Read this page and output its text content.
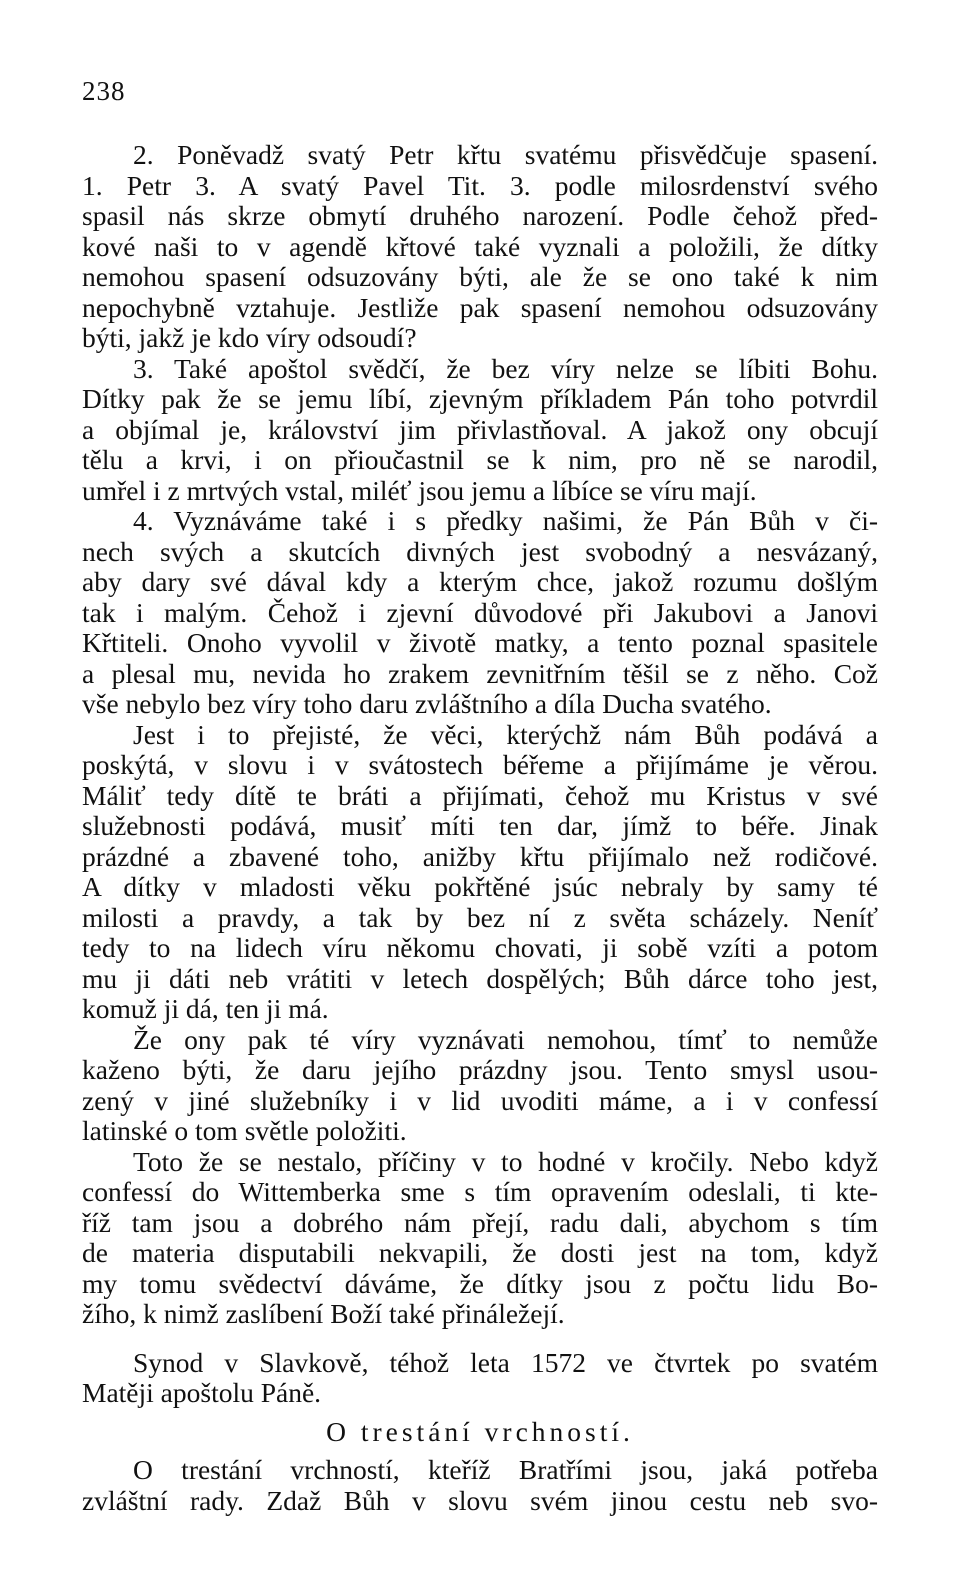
238
2. Poněvadž svatý Petr křtu svatému přisvědčuje spasení.
1. Petr 3. A svatý Pavel Tit. 3. podle milosrdenství svého
spasil nás skrze obmytí druhého narození. Podle čehož před-
kové naši to v agendě křtové také vyznali a položili, že dítky
nemohou spasení odsuzovány býti, ale že se ono také k nim
nepochybně vztahuje. Jestliže pak spasení nemohou odsuzovány
býti, jakž je kdo víry odsoudí?
3. Také apoštol svědčí, že bez víry nelze se líbiti Bohu.
Dítky pak že se jemu líbí, zjevným příkladem Pán toho potvrdil
a objímal je, království jim přivlastňoval. A jakož ony obcují
tělu a krvi, i on přioučastnil se k nim, pro ně se narodil,
umřel i z mrtvých vstal, miléť jsou jemu a líbíce se víru mají.
4. Vyznáváme také i s předky našimi, že Pán Bůh v či-
nech svých a skutcích divných jest svobodný a nesvázaný,
aby dary své dával kdy a kterým chce, jakož rozumu došlým
tak i malým. Čehož i zjevní důvodové při Jakubovi a Janovi
Křtiteli. Onoho vyvolil v životě matky, a tento poznal spasitele
a plesal mu, nevida ho zrakem zevnitřním těšil se z něho. Což
vše nebylo bez víry toho daru zvláštního a díla Ducha svatého.
Jest i to přejisté, že věci, kterýchž nám Bůh podává a
poskýtá, v slovu i v svátostech béřeme a přijímáme je věrou.
Máliť tedy dítě te bráti a přijímati, čehož mu Kristus v své
služebnosti podává, musiť míti ten dar, jímž to béře. Jinak
prázdné a zbavené toho, anižby křtu přijímalo než rodičové.
A dítky v mladosti věku pokřtěné jsúc nebraly by samy té
milosti a pravdy, a tak by bez ní z světa scházely. Neníť
tedy to na lidech víru někomu chovati, ji sobě vzíti a potom
mu ji dáti neb vrátiti v letech dospělých; Bůh dárce toho jest,
komuž ji dá, ten ji má.
Že ony pak té víry vyznávati nemohou, tímť to nemůže
kaženo býti, že daru jejího prázdny jsou. Tento smysl usou-
zený v jiné služebníky i v lid uvoditi máme, a i v confessí
latinské o tom světle položiti.
Toto že se nestalo, příčiny v to hodné v kročily. Nebo když
confessí do Wittemberka sme s tím opravením odeslali, ti kte-
říž tam jsou a dobrého nám přejí, radu dali, abychom s tím
de materia disputabili nekvapili, že dosti jest na tom, když
my tomu svědectví dáváme, že dítky jsou z počtu lidu Bo-
žího, k nimž zaslíbení Boží také přináležejí.
Synod v Slavkově, téhož leta 1572 ve čtvrtek po svatém
Matěji apoštolu Páně.
O trestání vrchností.
O trestání vrchností, kteříž Bratřími jsou, jaká potřeba
zvláštní rady. Zdaž Bůh v slovu svém jinou cestu neb svo-
